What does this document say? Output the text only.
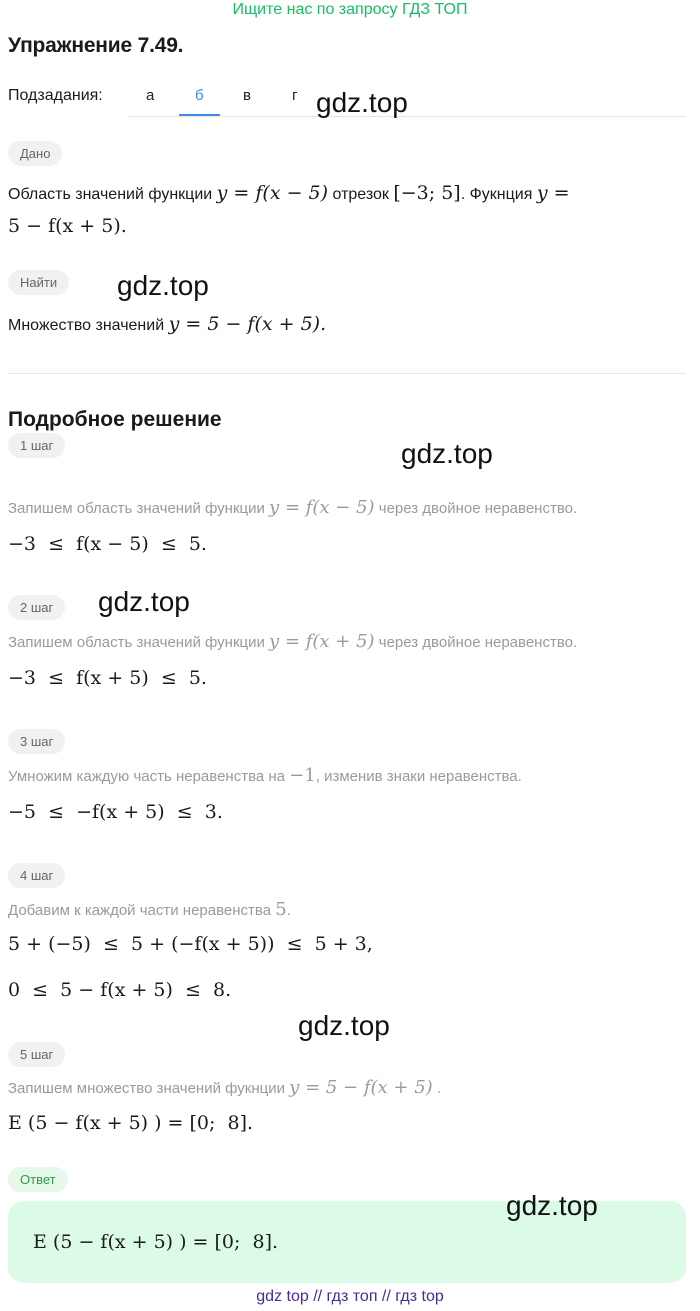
Ищите нас по запросу ГДЗ ТОП
Упражнение 7.49.
Подзадания:	а	б	в	г gdz.top
Дано
Область значений функции y = f(x − 5) отрезок [−3; 5]. Фукнция y =
5 − f(x + 5).
Найти	gdz.top
Множество значений y = 5 − f(x + 5).
Подробное решение
gdz.top
1 шаг
Запишем область значений функции y = f(x − 5) через двойное неравенство.
−3  ≤  f(x − 5)  ≤  5.
2 шаг	gdz.top
Запишем область значений функции y = f(x + 5) через двойное неравенство.
−3  ≤  f(x + 5)  ≤  5.
3 шаг
Умножим каждую часть неравенства на −1, изменив знаки неравенства.
−5  ≤  −f(x + 5)  ≤  3.
4 шаг
Добавим к каждой части неравенства 5.
5 + (−5)  ≤  5 + (−f(x + 5))  ≤  5 + 3,
0  ≤  5 − f(x + 5)  ≤  8.
gdz.top
5 шаг
Запишем множество значений фукнции y = 5 − f(x + 5) .
E (5 − f(x + 5) ) = [0;  8].
Ответ
E (5 − f(x + 5) ) = [0;  8].
gdz.top
gdz top // гдз топ // гдз top
